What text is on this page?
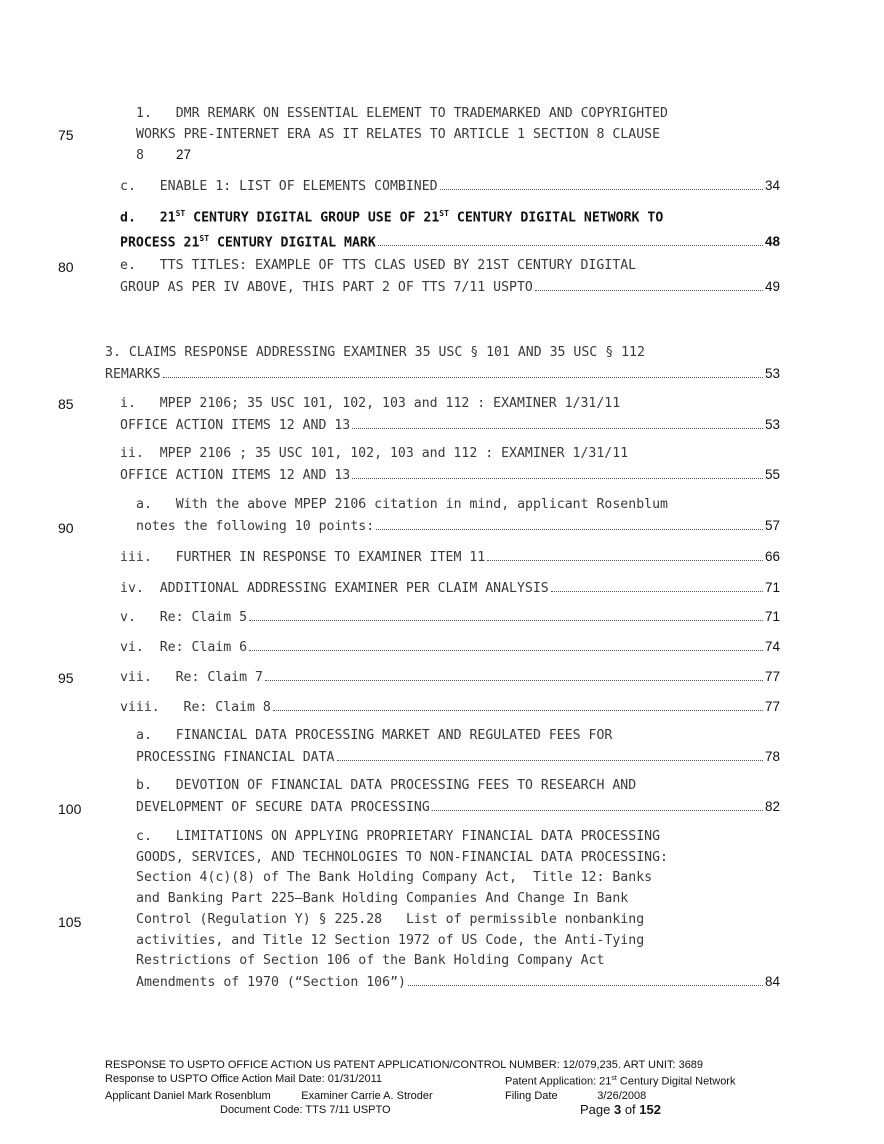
75
80
85
90
95
100
105
1.   DMR REMARK ON ESSENTIAL ELEMENT TO TRADEMARKED AND COPYRIGHTED
WORKS PRE-INTERNET ERA AS IT RELATES TO ARTICLE 1 SECTION 8 CLAUSE
8 27
c.   ENABLE 1: LIST OF ELEMENTS COMBINED	34
d.   21ST CENTURY DIGITAL GROUP USE OF 21ST CENTURY DIGITAL NETWORK TO
PROCESS 21ST CENTURY DIGITAL MARK	48
e.   TTS TITLES: EXAMPLE OF TTS CLAS USED BY 21ST CENTURY DIGITAL
GROUP AS PER IV ABOVE, THIS PART 2 OF TTS 7/11 USPTO	49
3. CLAIMS RESPONSE ADDRESSING EXAMINER 35 USC § 101 AND 35 USC § 112
REMARKS	53
i.   MPEP 2106; 35 USC 101, 102, 103 and 112 : EXAMINER 1/31/11
OFFICE ACTION ITEMS 12 AND 13	53
ii.  MPEP 2106 ; 35 USC 101, 102, 103 and 112 : EXAMINER 1/31/11
OFFICE ACTION ITEMS 12 AND 13	55
a.   With the above MPEP 2106 citation in mind, applicant Rosenblum
notes the following 10 points:	57
iii.   FURTHER IN RESPONSE TO EXAMINER ITEM 11	66
iv.  ADDITIONAL ADDRESSING EXAMINER PER CLAIM ANALYSIS	71
v.   Re: Claim 5	71
vi.  Re: Claim 6	74
vii.   Re: Claim 7	77
viii.   Re: Claim 8	77
a.   FINANCIAL DATA PROCESSING MARKET AND REGULATED FEES FOR
PROCESSING FINANCIAL DATA	78
b.   DEVOTION OF FINANCIAL DATA PROCESSING FEES TO RESEARCH AND
DEVELOPMENT OF SECURE DATA PROCESSING	82
c.   LIMITATIONS ON APPLYING PROPRIETARY FINANCIAL DATA PROCESSING
GOODS, SERVICES, AND TECHNOLOGIES TO NON-FINANCIAL DATA PROCESSING:
Section 4(c)(8) of The Bank Holding Company Act,  Title 12: Banks
and Banking Part 225—Bank Holding Companies And Change In Bank
Control (Regulation Y) § 225.28   List of permissible nonbanking
activities, and Title 12 Section 1972 of US Code, the Anti-Tying
Restrictions of Section 106 of the Bank Holding Company Act
Amendments of 1970 (“Section 106”)	84
RESPONSE TO USPTO OFFICE ACTION US PATENT APPLICATION/CONTROL NUMBER: 12/079,235. ART UNIT: 3689
Response to USPTO Office Action Mail Date: 01/31/2011	Patent Application: 21st Century Digital Network
Applicant Daniel Mark Rosenblum          Examiner Carrie A. Stroder	Filing Date             3/26/2008
Document Code: TTS 7/11 USPTO	Page 3 of 152
